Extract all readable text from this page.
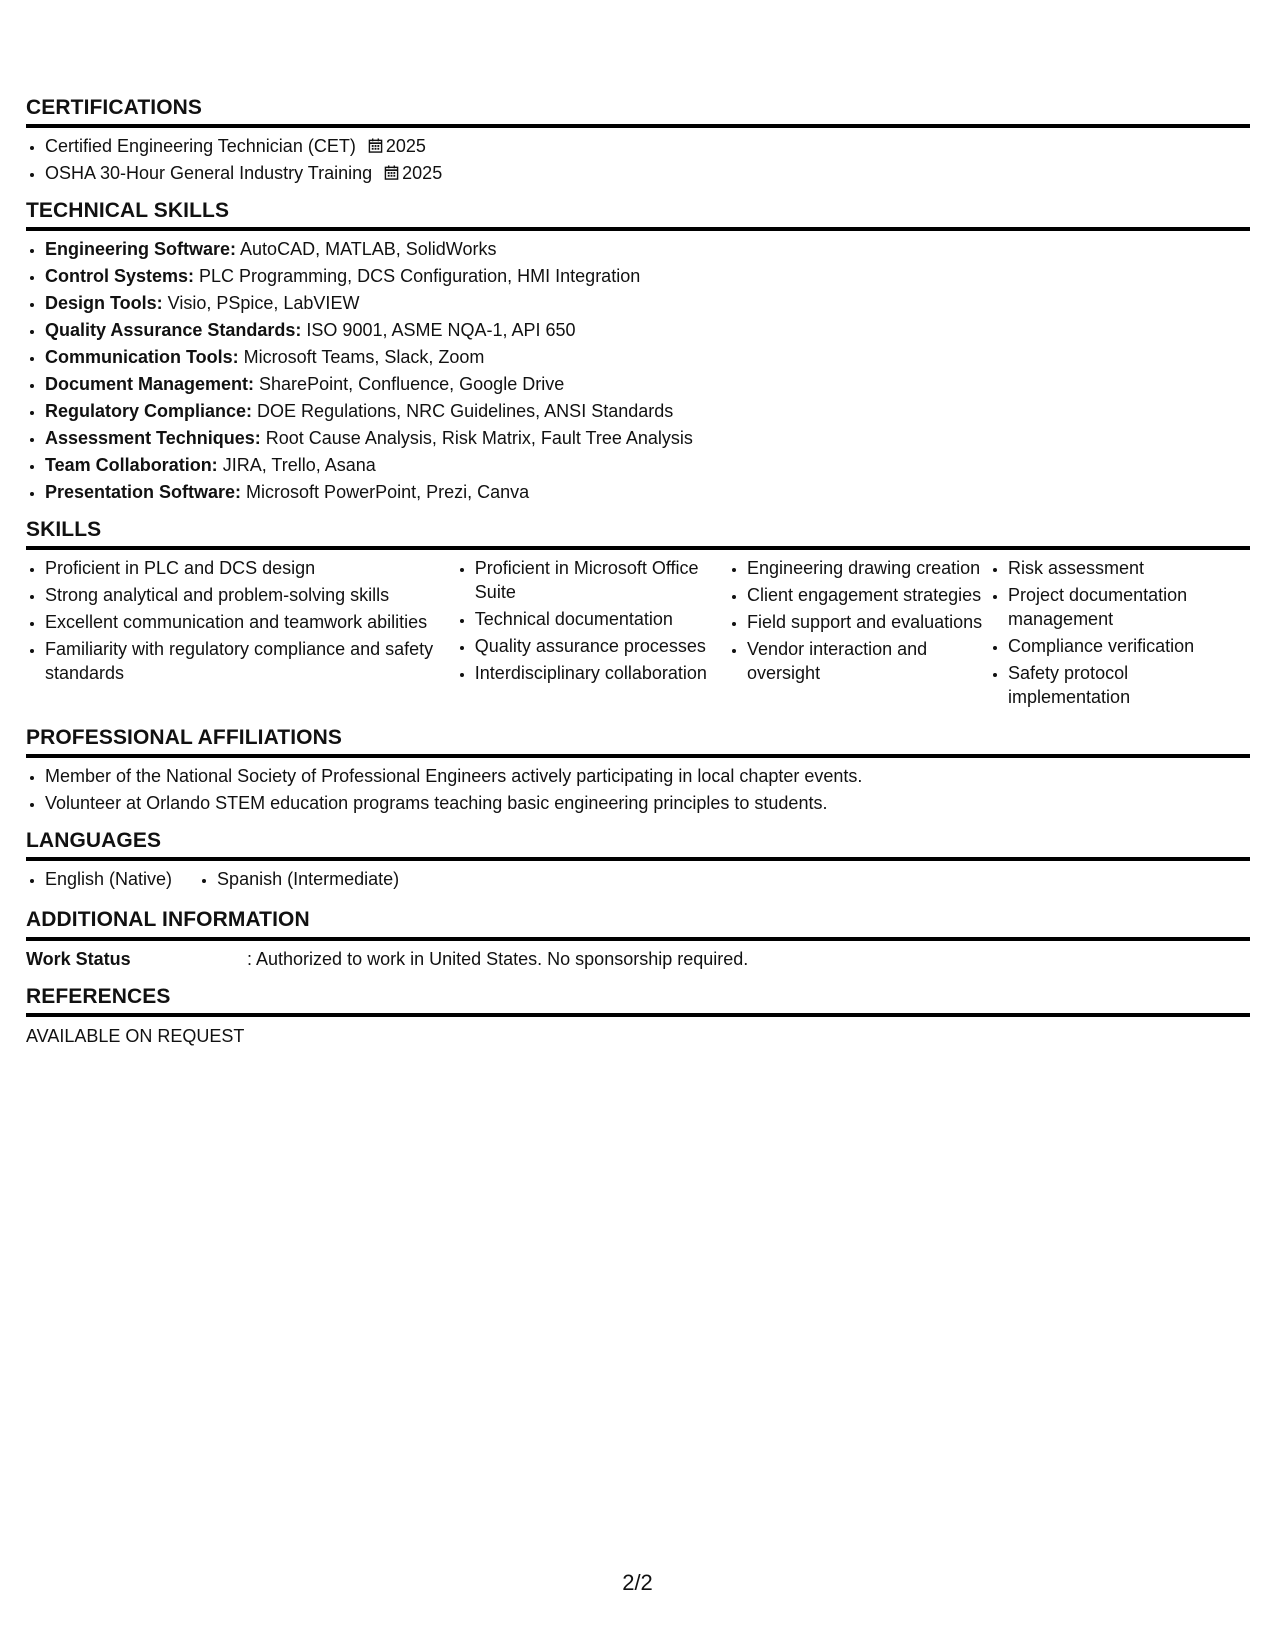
CERTIFICATIONS
• Certified Engineering Technician (CET) 2025
• OSHA 30-Hour General Industry Training 2025
TECHNICAL SKILLS
• Engineering Software: AutoCAD, MATLAB, SolidWorks
• Control Systems: PLC Programming, DCS Configuration, HMI Integration
• Design Tools: Visio, PSpice, LabVIEW
• Quality Assurance Standards: ISO 9001, ASME NQA-1, API 650
• Communication Tools: Microsoft Teams, Slack, Zoom
• Document Management: SharePoint, Confluence, Google Drive
• Regulatory Compliance: DOE Regulations, NRC Guidelines, ANSI Standards
• Assessment Techniques: Root Cause Analysis, Risk Matrix, Fault Tree Analysis
• Team Collaboration: JIRA, Trello, Asana
• Presentation Software: Microsoft PowerPoint, Prezi, Canva
SKILLS
• Proficient in PLC and DCS design
• Strong analytical and problem-solving skills
• Excellent communication and teamwork abilities
• Familiarity with regulatory compliance and safety standards
• Proficient in Microsoft Office Suite
• Technical documentation
• Quality assurance processes
• Interdisciplinary collaboration
• Engineering drawing creation
• Client engagement strategies
• Field support and evaluations
• Vendor interaction and oversight
• Risk assessment
• Project documentation management
• Compliance verification
• Safety protocol implementation
PROFESSIONAL AFFILIATIONS
• Member of the National Society of Professional Engineers actively participating in local chapter events.
• Volunteer at Orlando STEM education programs teaching basic engineering principles to students.
LANGUAGES
• English (Native)
•	Spanish (Intermediate)
ADDITIONAL INFORMATION
Work Status	: Authorized to work in United States. No sponsorship required.
REFERENCES
AVAILABLE ON REQUEST
2/2
